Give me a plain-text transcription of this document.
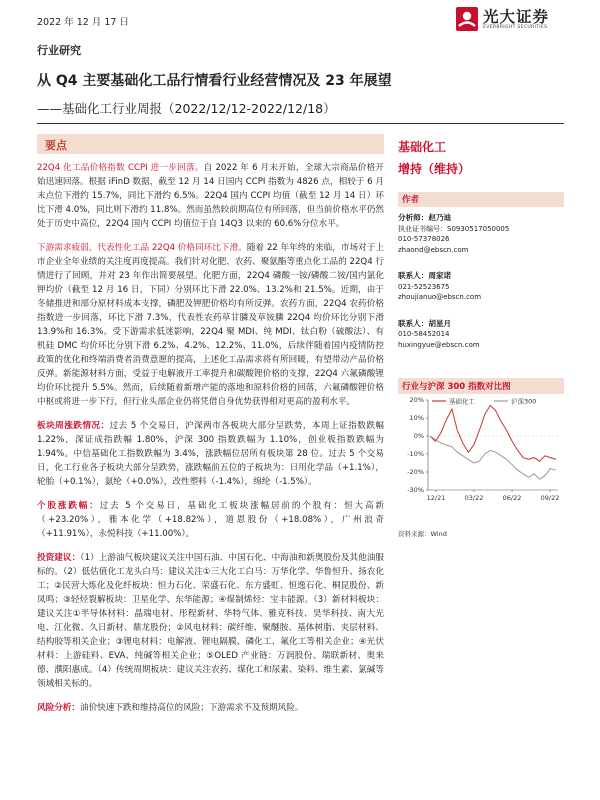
2022 年 12 月 17 日	光大证券
EVERBRIGHT SECURITIES
行业研究
从 Q4 主要基础化工品行情看行业经营情况及 23 年展望
——基础化工行业周报（2022/12/12-2022/12/18）
要点

22Q4 化工品价格指数 CCPI 进一步回落。自 2022 年 6 月末开始，全球大宗商品价格开始迅速回落。根据 iFinD 数据，截至 12 月 14 日国内 CCPI 指数为 4826 点，相较于 6 月末点位下滑约 15.7%，同比下滑约 6.5%。22Q4 国内 CCPI 均值（截至 12 月 14 日）环比下滑 4.0%，同比则下滑约 11.8%。然而虽然较前期高位有所回落，但当前价格水平仍然处于历史中高位，22Q4 国内 CCPI 均值位于自 14Q3 以来的 60.6%分位水平。

下游需求疲弱，代表性化工品 22Q4 价格同环比下滑。随着 22 年年终的来临，市场对于上市企业全年业绩的关注度再度提高。我们针对化肥、农药、聚氨酯等重点化工品的 22Q4 行情进行了回顾，并对 23 年作出简要展望。化肥方面，22Q4 磷酸一铵/磷酸二铵/国内氯化钾均价（截至 12 月 16 日，下同）分别环比下滑 22.0%、13.2%和 21.5%。近期，由于冬储推进和部分原材料成本支撑，磷肥及钾肥价格均有所反弹。农药方面，22Q4 农药价格指数进一步回落，环比下滑 7.3%，代表性农药草甘膦及草铵膦 22Q4 均价环比分别下滑 13.9%和 16.3%。受下游需求低迷影响，22Q4 聚 MDI、纯 MDI、钛白粉（硫酸法）、有机硅 DMC 均价环比分别下滑 6.2%、4.2%、12.2%、11.0%，后续伴随着国内疫情防控政策的优化和终端消费者消费意愿的提高，上述化工品需求将有所回暖，有望带动产品价格反弹。新能源材料方面，受益于电解液开工率提升和碳酸锂价格的支撑，22Q4 六氟磷酸锂均价环比提升 5.5%。然而，后续随着新增产能的落地和原料价格的回落，六氟磷酸锂价格中枢或将进一步下行，但行业头部企业仍将凭借自身优势获得相对更高的盈利水平。

板块周涨跌情况：过去 5 个交易日，沪深两市各板块大部分呈跌势，本周上证指数跌幅 1.22%，深证成指跌幅 1.80%，沪深 300 指数跌幅为 1.10%，创业板指数跌幅为 1.94%。中信基础化工指数跌幅为 3.4%，涨跌幅位居所有板块第 28 位。过去 5 个交易日，化工行业各子板块大部分呈跌势，涨跌幅前五位的子板块为：日用化学品（+1.1%），轮胎（+0.1%），氨纶（+0.0%），改性塑料（-1.4%），绵纶（-1.5%）。

个股涨跌幅：过去 5 个交易日，基础化工板块涨幅居前的个股有：恒大高新（+23.20%），雅本化学（+18.82%），道恩股份（+18.08%），广州浪奇（+11.91%），永悦科技（+11.00%）。

投资建议：（1）上游油气板块建议关注中国石油、中国石化、中海油和新奥股份及其他油服标的。（2）低估值化工龙头白马：建议关注①三大化工白马：万华化学、华鲁恒升、扬农化工；②民营大炼化及化纤板块：恒力石化、荣盛石化、东方盛虹、恒逸石化、桐昆股份、新凤鸣；③轻烃裂解板块：卫星化学、东华能源；④煤制烯烃：宝丰能源。（3）新材料板块：建议关注①半导体材料：晶瑞电材、彤程新材、华特气体、雅克科技、昊华科技、南大光电、江化微、久日新材、鼎龙股份；②风电材料：碳纤维、聚醚胺、基体树脂、夹层材料、结构胶等相关企业；③锂电材料：电解液、锂电隔膜、磷化工、氟化工等相关企业；④光伏材料：上游硅料、EVA、纯碱等相关企业；⑤OLED 产业链：万润股份、瑞联新材、奥来德、濮阳惠成。（4）传统周期板块：建议关注农药、煤化工和尿素、染料、维生素、氯碱等领域相关标的。

风险分析：油价快速下跌和维持高位的风险；下游需求不及预期风险。

基础化工
增持（维持）
作者
分析师：赵乃迪
执业证书编号：S0930517050005
010-57378026
zhaond@ebscn.com
联系人：周家诺
021-52523675
zhoujianuo@ebscn.com
联系人：胡星月
010-58452014
huxingyue@ebscn.com
行业与沪深 300 指数对比图
20%
10%
0%
-10%
-20%
-30%
12/21	03/22	06/22	09/22
基础化工	沪深300
资料来源：Wind
